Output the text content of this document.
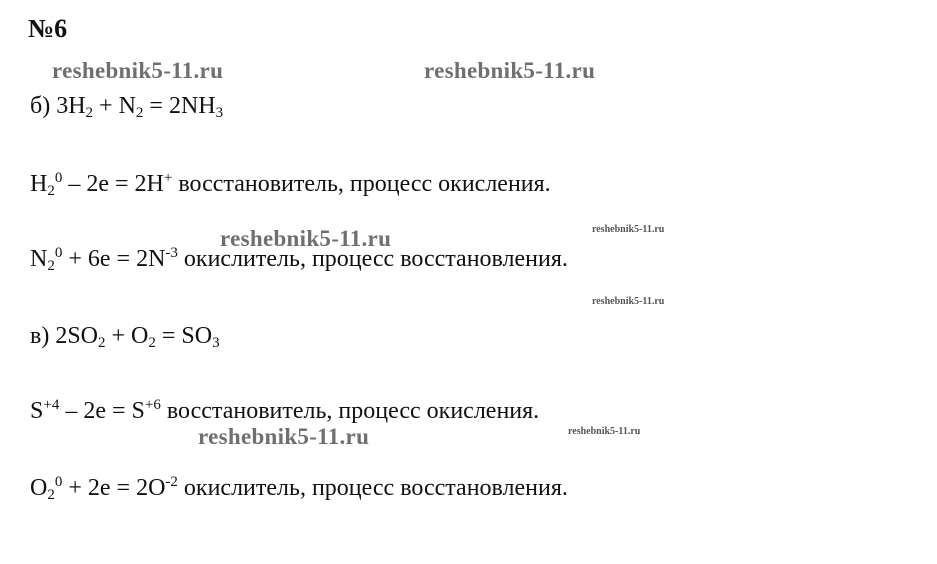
№6
reshebnik5-11.ru	reshebnik5-11.ru
reshebnik5-11.ru
reshebnik5-11.ru
reshebnik5-11.ru
reshebnik5-11.ru
reshebnik5-11.ru
б) $3H_2 + N_2 = 2NH_3$
$H_2^0 - 2e = 2H^+$ восстановитель, процесс окисления.
$N_2^0 + 6e = 2N^{-3}$ окислитель, процесс восстановления.
в) $2SO_2 + O_2 = SO_3$
$S^{+4} - 2e = S^{+6}$ восстановитель, процесс окисления.
$O_2^0 + 2e = 2O^{-2}$ окислитель, процесс восстановления.
